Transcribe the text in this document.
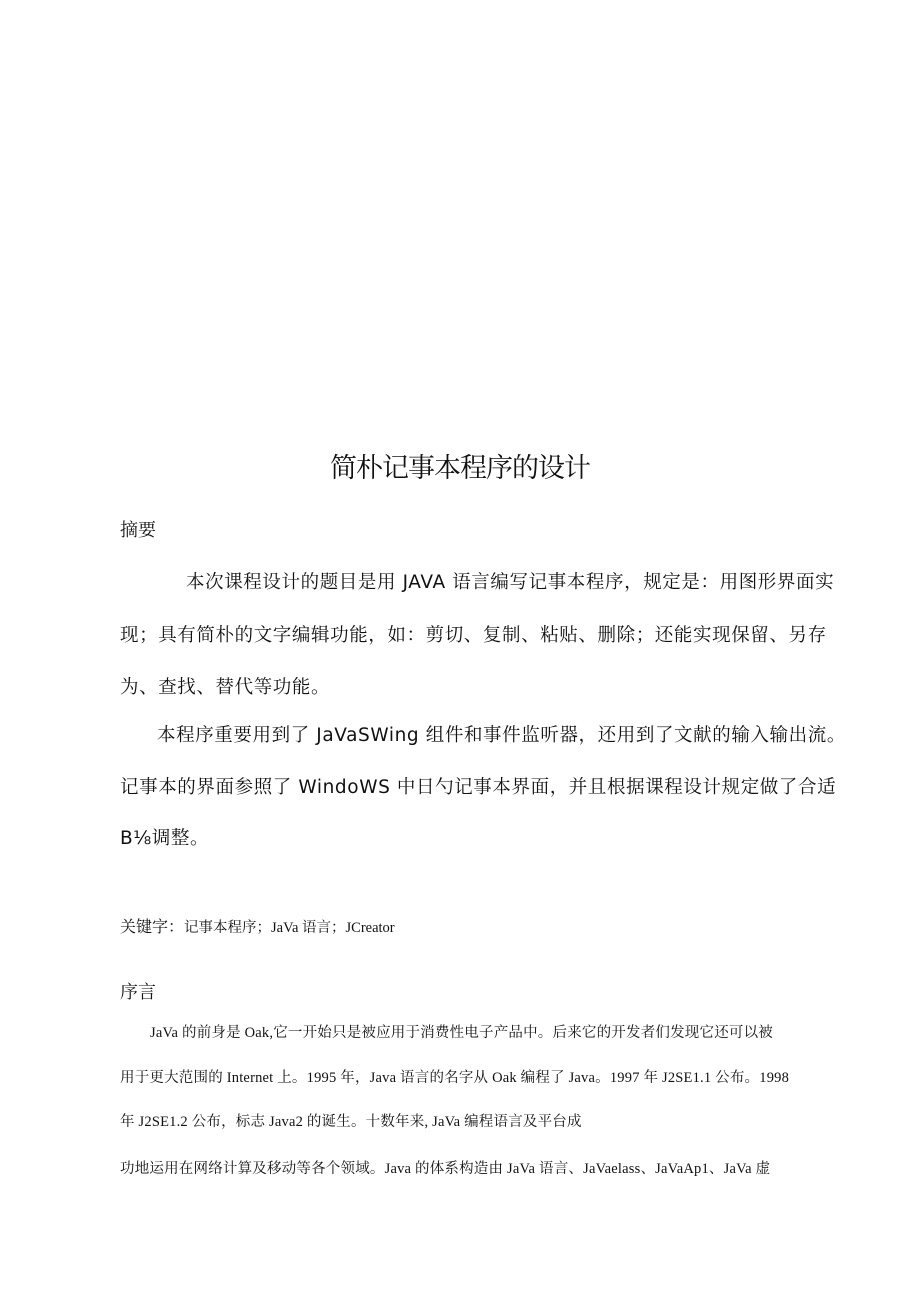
简朴记事本程序的设计
摘要
本次课程设计的题目是用 JAVA 语言编写记事本程序，规定是：用图形界面实
现；具有简朴的文字编辑功能，如：剪切、复制、粘贴、删除；还能实现保留、另存
为、查找、替代等功能。
本程序重要用到了 JaVaSWing 组件和事件监听器，还用到了文献的输入输出流。
记事本的界面参照了 WindoWS 中日勺记事本界面，并且根据课程设计规定做了合适
B⅛调整。
关键字：记事本程序；JaVa 语言；JCreator
序言
JaVa 的前身是 Oak,它一开始只是被应用于消费性电子产品中。后来它的开发者们发现它还可以被
用于更大范围的 Internet 上。1995 年，Java 语言的名字从 Oak 编程了 Java。1997 年 J2SE1.1 公布。1998
年 J2SE1.2 公布，标志 Java2 的诞生。十数年来, JaVa 编程语言及平台成
功地运用在网络计算及移动等各个领域。Java 的体系构造由 JaVa 语言、JaVaelass、JaVaAp1、JaVa 虚
